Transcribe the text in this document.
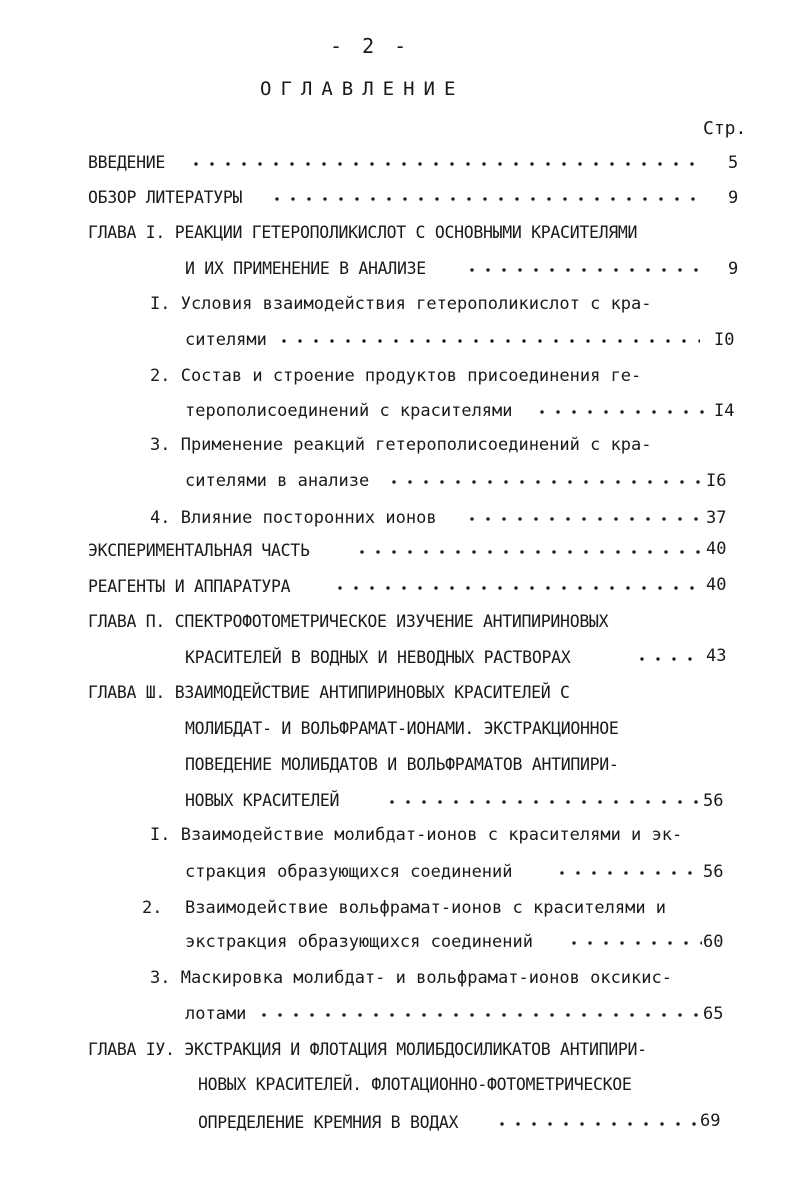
- 2 -
ОГЛАВЛЕНИЕ
Стр.
ВВЕДЕНИЕ	5
ОБЗОР ЛИТЕРАТУРЫ	9
ГЛАВА I. РЕАКЦИИ ГЕТЕРОПОЛИКИСЛОТ С ОСНОВНЫМИ КРАСИТЕЛЯМИ
И ИХ ПРИМЕНЕНИЕ В АНАЛИЗЕ	9
I. Условия взаимодействия гетерополикислот с кра-
сителями	I0
2. Состав и строение продуктов присоединения ге-
терополисоединений с красителями	I4
3. Применение реакций гетерополисоединений с кра-
сителями в анализе	I6
4. Влияние посторонних ионов	37
ЭКСПЕРИМЕНТАЛЬНАЯ ЧАСТЬ	40
РЕАГЕНТЫ И АППАРАТУРА	40
ГЛАВА П. СПЕКТРОФОТОМЕТРИЧЕСКОЕ ИЗУЧЕНИЕ АНТИПИРИНОВЫХ
КРАСИТЕЛЕЙ В ВОДНЫХ И НЕВОДНЫХ РАСТВОРАХ	43
ГЛАВА Ш. ВЗАИМОДЕЙСТВИЕ АНТИПИРИНОВЫХ КРАСИТЕЛЕЙ С
МОЛИБДАТ- И ВОЛЬФРАМАТ-ИОНАМИ. ЭКСТРАКЦИОННОЕ
ПОВЕДЕНИЕ МОЛИБДАТОВ И ВОЛЬФРАМАТОВ АНТИПИРИ-
НОВЫХ КРАСИТЕЛЕЙ	56
I. Взаимодействие молибдат-ионов с красителями и эк-
стракция образующихся соединений	56
2. Взаимодействие вольфрамат-ионов с красителями и
экстракция образующихся соединений	60
3. Маскировка молибдат- и вольфрамат-ионов оксикис-
лотами	65
ГЛАВА IУ. ЭКСТРАКЦИЯ И ФЛОТАЦИЯ МОЛИБДОСИЛИКАТОВ АНТИПИРИ-
НОВЫХ КРАСИТЕЛЕЙ. ФЛОТАЦИОННО-ФОТОМЕТРИЧЕСКОЕ
ОПРЕДЕЛЕНИЕ КРЕМНИЯ В ВОДАХ	69
